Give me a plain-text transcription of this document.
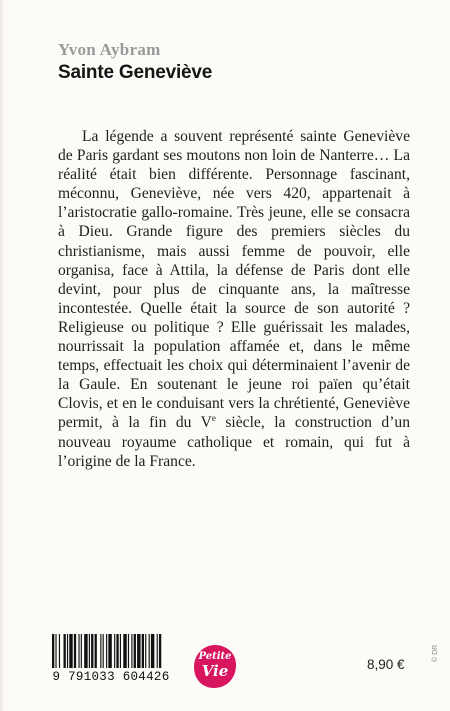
Yvon Aybram
Sainte Geneviève

La légende a souvent représenté sainte Geneviève de Paris gardant ses moutons non loin de Nanterre… La réalité était bien différente. Personnage fascinant, méconnu, Geneviève, née vers 420, appartenait à l’aristocratie gallo-romaine. Très jeune, elle se consacra à Dieu. Grande figure des premiers siècles du christianisme, mais aussi femme de pouvoir, elle organisa, face à Attila, la défense de Paris dont elle devint, pour plus de cinquante ans, la maîtresse incontestée. Quelle était la source de son autorité ? Religieuse ou politique ? Elle guérissait les malades, nourrissait la population affamée et, dans le même temps, effectuait les choix qui déterminaient l’avenir de la Gaule. En soutenant le jeune roi païen qu’était Clovis, et en le conduisant vers la chrétienté, Geneviève permit, à la fin du Ve siècle, la construction d’un nouveau royaume catholique et romain, qui fut à l’origine de la France.

9 791033 604426
Petite
Vie	8,90 €
© DR
